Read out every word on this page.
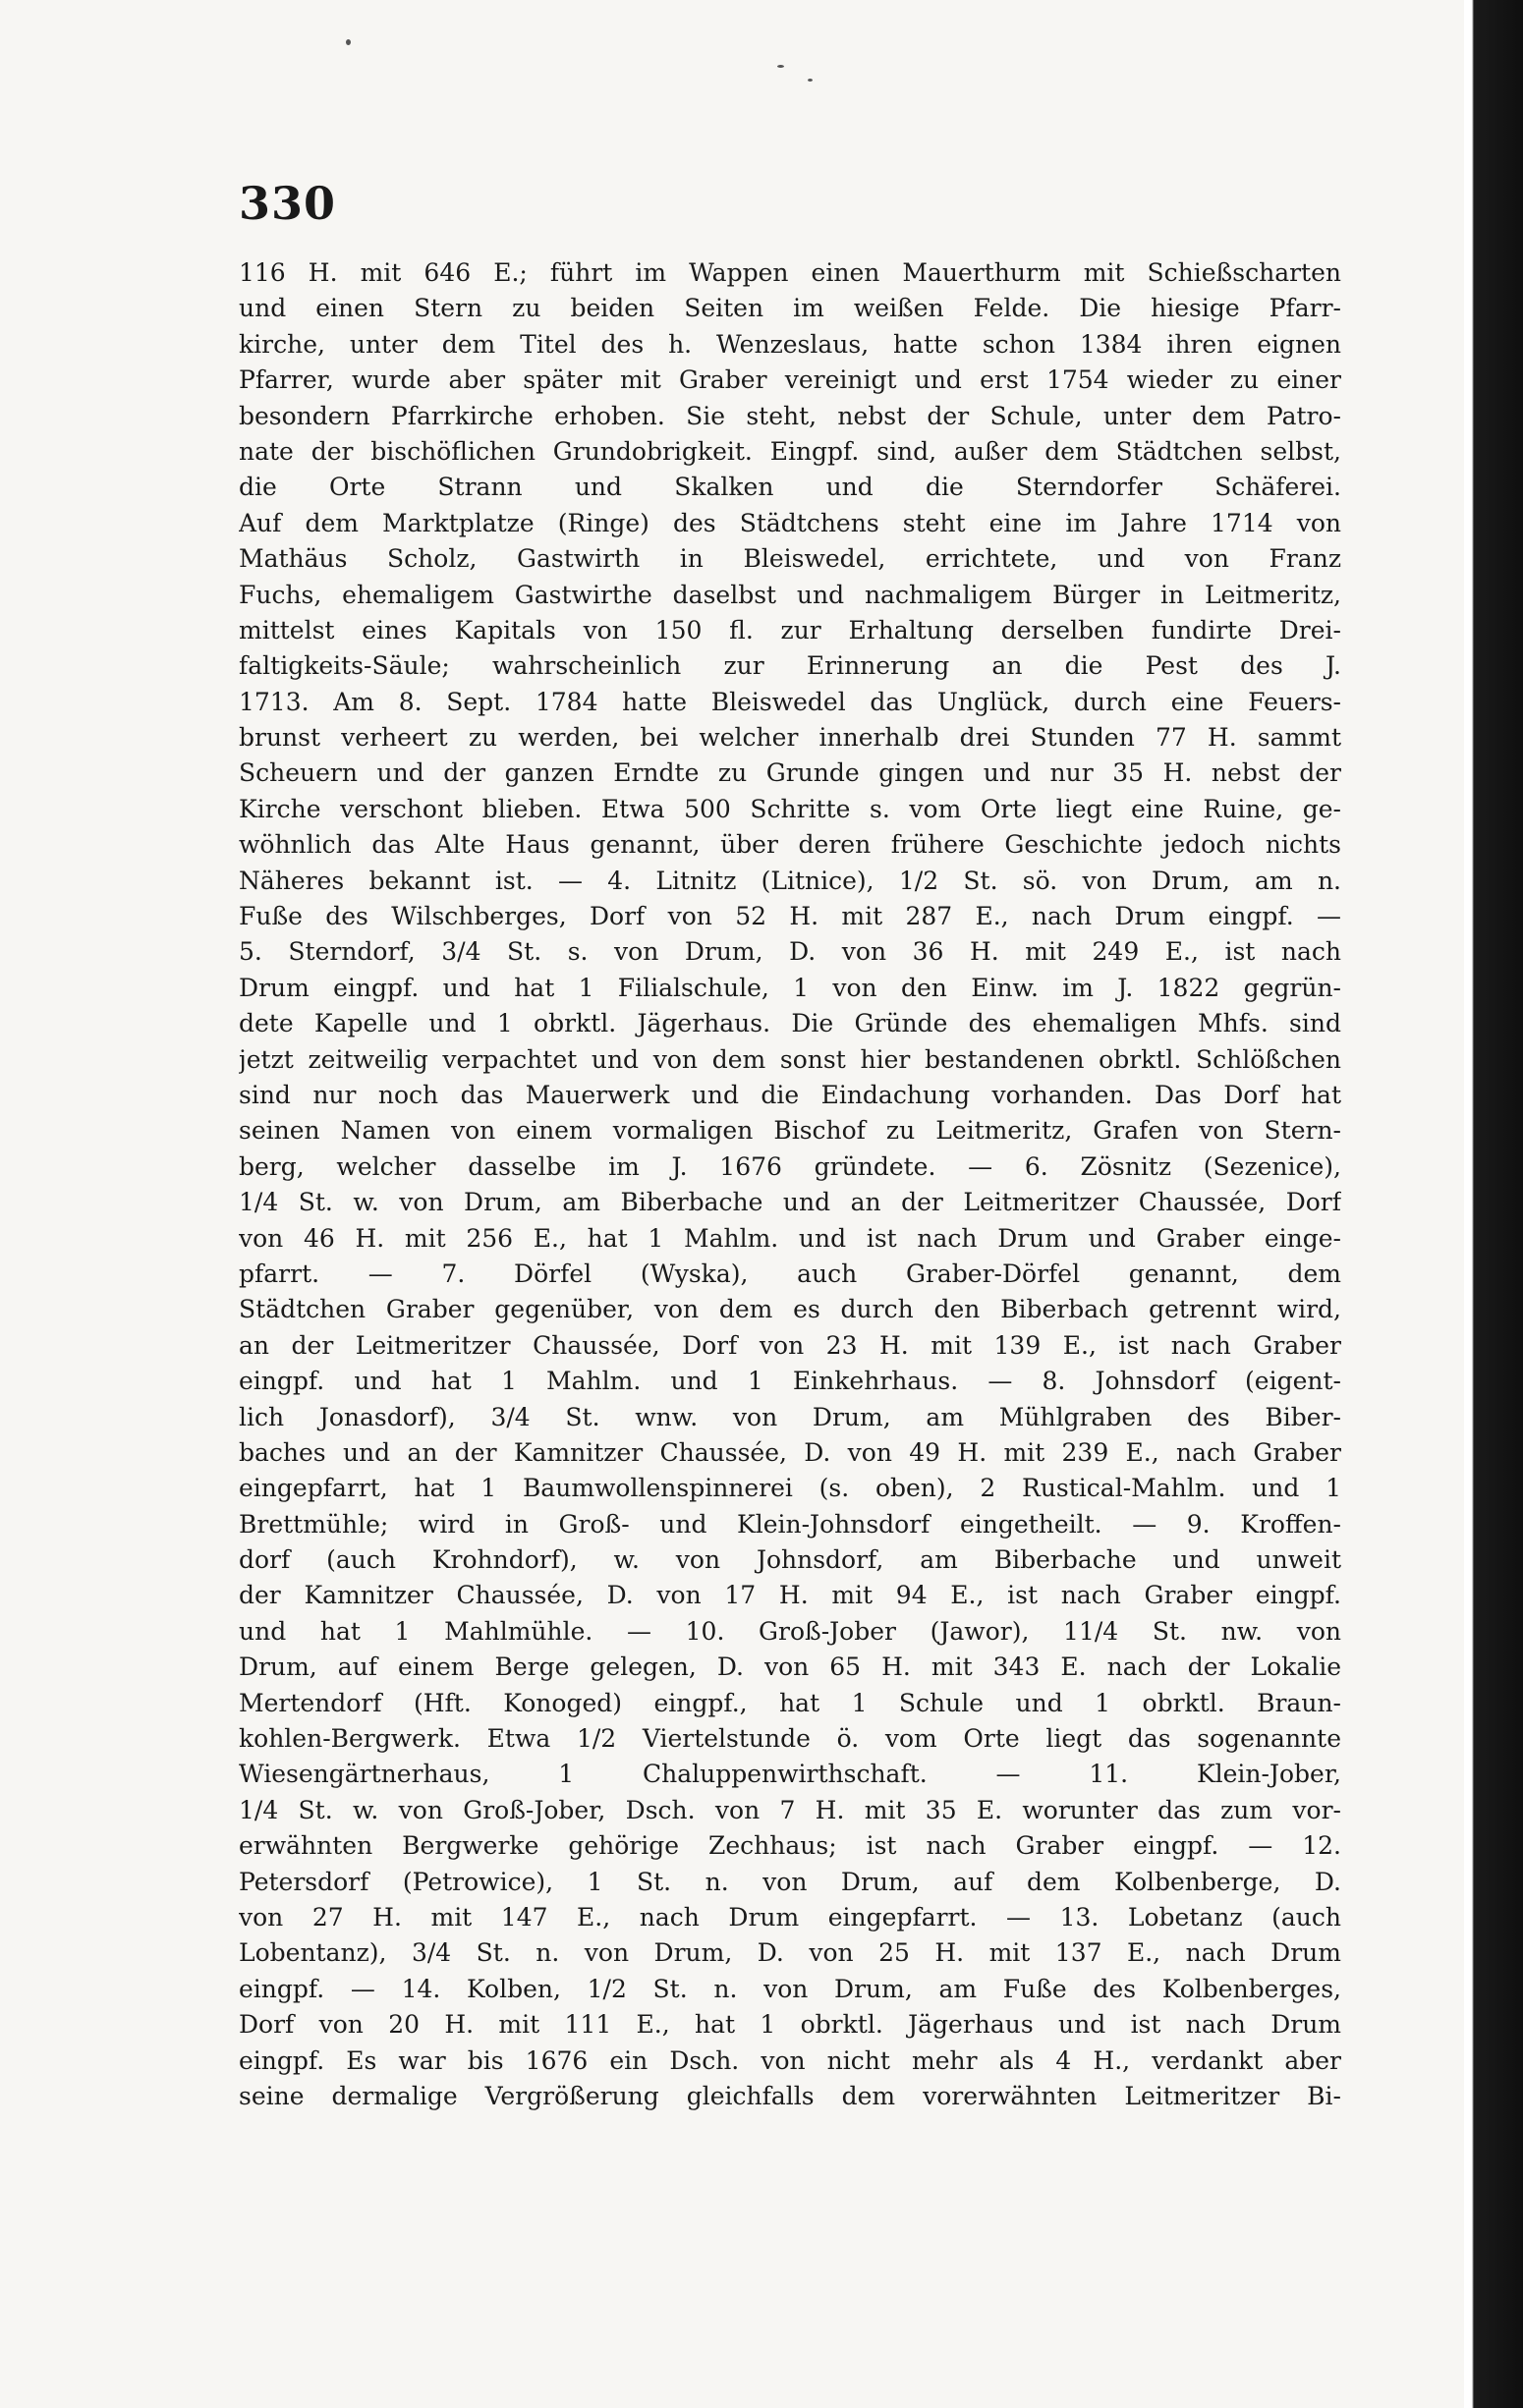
330
116 H. mit 646 E.; führt im Wappen einen Mauerthurm mit Schießscharten
und einen Stern zu beiden Seiten im weißen Felde. Die hiesige Pfarr-
kirche, unter dem Titel des h. Wenzeslaus, hatte schon 1384 ihren eignen
Pfarrer, wurde aber später mit Graber vereinigt und erst 1754 wieder zu einer
besondern Pfarrkirche erhoben. Sie steht, nebst der Schule, unter dem Patro-
nate der bischöflichen Grundobrigkeit. Eingpf. sind, außer dem Städtchen selbst,
die Orte Strann und Skalken und die Sterndorfer Schäferei.
Auf dem Marktplatze (Ringe) des Städtchens steht eine im Jahre 1714 von
Mathäus Scholz, Gastwirth in Bleiswedel, errichtete, und von Franz
Fuchs, ehemaligem Gastwirthe daselbst und nachmaligem Bürger in Leitmeritz,
mittelst eines Kapitals von 150 fl. zur Erhaltung derselben fundirte Drei-
faltigkeits-Säule; wahrscheinlich zur Erinnerung an die Pest des J.
1713. Am 8. Sept. 1784 hatte Bleiswedel das Unglück, durch eine Feuers-
brunst verheert zu werden, bei welcher innerhalb drei Stunden 77 H. sammt
Scheuern und der ganzen Erndte zu Grunde gingen und nur 35 H. nebst der
Kirche verschont blieben. Etwa 500 Schritte s. vom Orte liegt eine Ruine, ge-
wöhnlich das Alte Haus genannt, über deren frühere Geschichte jedoch nichts
Näheres bekannt ist. — 4. Litnitz (Litnice), 1/2 St. sö. von Drum, am n.
Fuße des Wilschberges, Dorf von 52 H. mit 287 E., nach Drum eingpf. —
5. Sterndorf, 3/4 St. s. von Drum, D. von 36 H. mit 249 E., ist nach
Drum eingpf. und hat 1 Filialschule, 1 von den Einw. im J. 1822 gegrün-
dete Kapelle und 1 obrktl. Jägerhaus. Die Gründe des ehemaligen Mhfs. sind
jetzt zeitweilig verpachtet und von dem sonst hier bestandenen obrktl. Schlößchen
sind nur noch das Mauerwerk und die Eindachung vorhanden. Das Dorf hat
seinen Namen von einem vormaligen Bischof zu Leitmeritz, Grafen von Stern-
berg, welcher dasselbe im J. 1676 gründete. — 6. Zösnitz (Sezenice),
1/4 St. w. von Drum, am Biberbache und an der Leitmeritzer Chaussée, Dorf
von 46 H. mit 256 E., hat 1 Mahlm. und ist nach Drum und Graber einge-
pfarrt. — 7. Dörfel (Wyska), auch Graber-Dörfel genannt, dem
Städtchen Graber gegenüber, von dem es durch den Biberbach getrennt wird,
an der Leitmeritzer Chaussée, Dorf von 23 H. mit 139 E., ist nach Graber
eingpf. und hat 1 Mahlm. und 1 Einkehrhaus. — 8. Johnsdorf (eigent-
lich Jonasdorf), 3/4 St. wnw. von Drum, am Mühlgraben des Biber-
baches und an der Kamnitzer Chaussée, D. von 49 H. mit 239 E., nach Graber
eingepfarrt, hat 1 Baumwollenspinnerei (s. oben), 2 Rustical-Mahlm. und 1
Brettmühle; wird in Groß- und Klein-Johnsdorf eingetheilt. — 9. Kroffen-
dorf (auch Krohndorf), w. von Johnsdorf, am Biberbache und unweit
der Kamnitzer Chaussée, D. von 17 H. mit 94 E., ist nach Graber eingpf.
und hat 1 Mahlmühle. — 10. Groß-Jober (Jawor), 11/4 St. nw. von
Drum, auf einem Berge gelegen, D. von 65 H. mit 343 E. nach der Lokalie
Mertendorf (Hft. Konoged) eingpf., hat 1 Schule und 1 obrktl. Braun-
kohlen-Bergwerk. Etwa 1/2 Viertelstunde ö. vom Orte liegt das sogenannte
Wiesengärtnerhaus, 1 Chaluppenwirthschaft. — 11. Klein-Jober,
1/4 St. w. von Groß-Jober, Dsch. von 7 H. mit 35 E. worunter das zum vor-
erwähnten Bergwerke gehörige Zechhaus; ist nach Graber eingpf. — 12.
Petersdorf (Petrowice), 1 St. n. von Drum, auf dem Kolbenberge, D.
von 27 H. mit 147 E., nach Drum eingepfarrt. — 13. Lobetanz (auch
Lobentanz), 3/4 St. n. von Drum, D. von 25 H. mit 137 E., nach Drum
eingpf. — 14. Kolben, 1/2 St. n. von Drum, am Fuße des Kolbenberges,
Dorf von 20 H. mit 111 E., hat 1 obrktl. Jägerhaus und ist nach Drum
eingpf. Es war bis 1676 ein Dsch. von nicht mehr als 4 H., verdankt aber
seine dermalige Vergrößerung gleichfalls dem vorerwähnten Leitmeritzer Bi-
